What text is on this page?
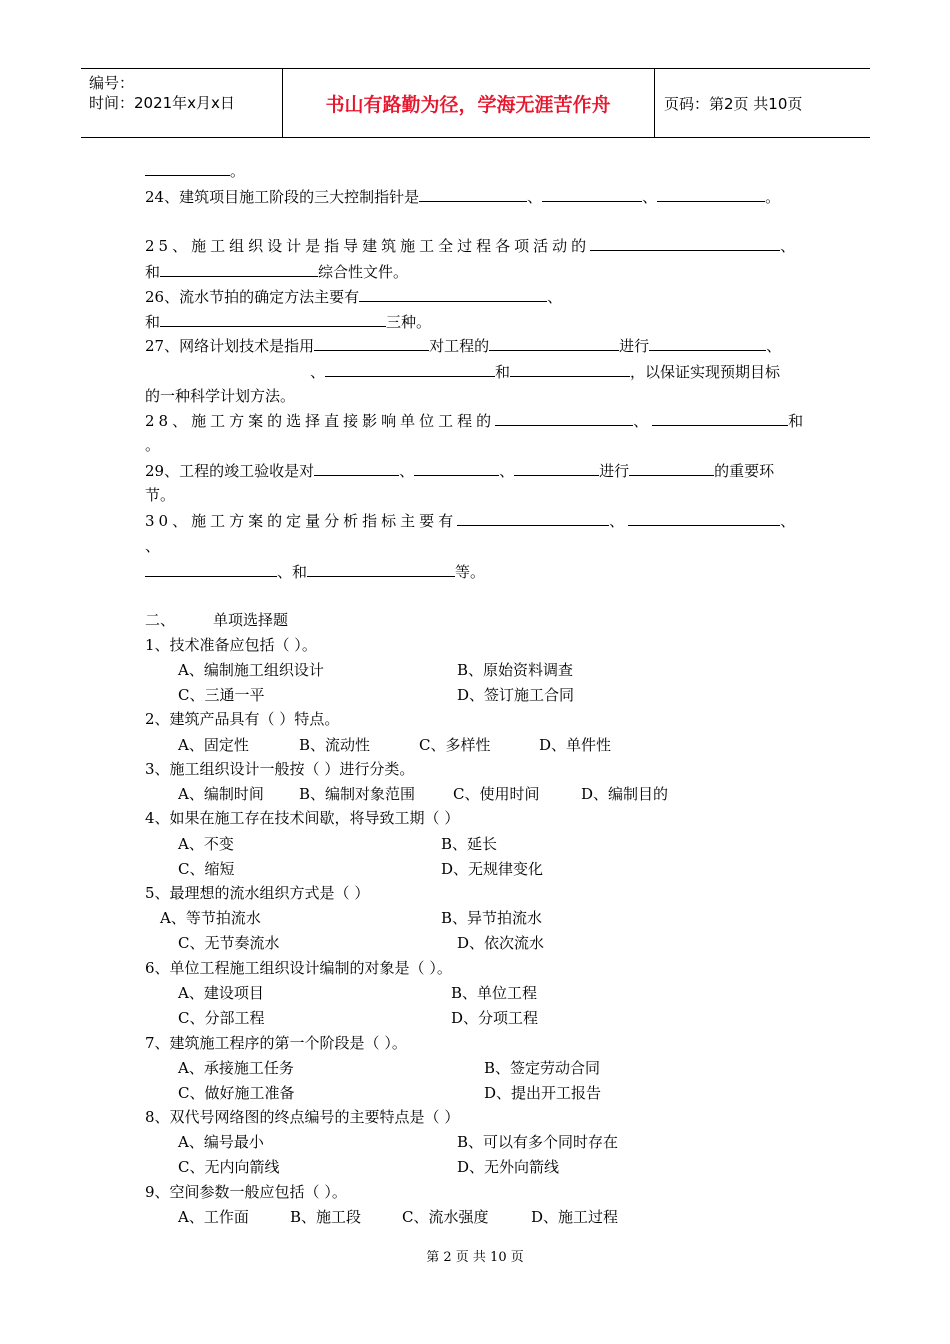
编号：
时间：2021年x月x日	书山有路勤为径，学海无涯苦作舟	页码：第2页 共10页
。
24、建筑项目施工阶段的三大控制指针是	、	、	。
25、施工组织设计是指导建筑施工全过程各项活动的	、
和	综合性文件。
26、流水节拍的确定方法主要有	、
和	三种。
27、网络计划技术是指用	对工程的	进行	、
、	和	，以保证实现预期目标
的一种科学计划方法。
28、施工方案的选择直接影响单位工程的	、	和
。
29、工程的竣工验收是对	、	、	进行	的重要环
节。
30、施工方案的定量分析指标主要有	、	、
、
、和	等。
二、	单项选择题
1、技术准备应包括（ ）。
A、编制施工组织设计	B、原始资料调查
C、三通一平	D、签订施工合同
2、建筑产品具有（ ）特点。
A、固定性	B、流动性	C、多样性	D、单件性
3、施工组织设计一般按（ ）进行分类。
A、编制时间 B、编制对象范围	C、使用时间	D、编制目的
4、如果在施工存在技术间歇，将导致工期（ ）
A、不变	B、延长
C、缩短	D、无规律变化
5、最理想的流水组织方式是（ ）
A、等节拍流水	B、异节拍流水
C、无节奏流水	D、依次流水
6、单位工程施工组织设计编制的对象是（ ）。
A、建设项目	B、单位工程
C、分部工程	D、分项工程
7、建筑施工程序的第一个阶段是（ ）。
A、承接施工任务	B、签定劳动合同
C、做好施工准备	D、提出开工报告
8、双代号网络图的终点编号的主要特点是（ ）
A、编号最小	B、可以有多个同时存在
C、无内向箭线	D、无外向箭线
9、空间参数一般应包括（ ）。
A、工作面	B、施工段	C、流水强度	D、施工过程
第 2 页 共 10 页
